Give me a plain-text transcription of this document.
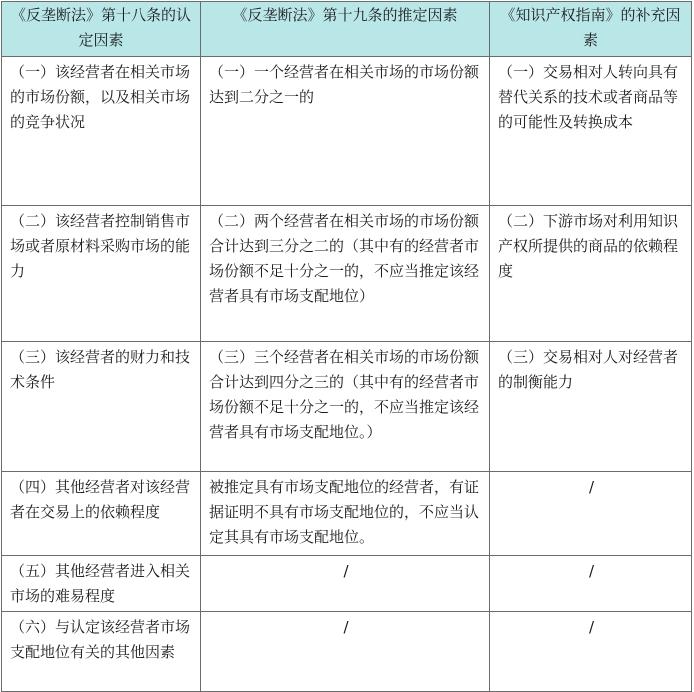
《反垄断法》第十八条的认定因素	《反垄断法》第十九条的推定因素	《知识产权指南》的补充因素
（一）该经营者在相关市场的市场份额，以及相关市场的竞争状况	（一）一个经营者在相关市场的市场份额达到二分之一的	（一）交易相对人转向具有替代关系的技术或者商品等的可能性及转换成本
（二）该经营者控制销售市场或者原材料采购市场的能力	（二）两个经营者在相关市场的市场份额合计达到三分之二的（其中有的经营者市场份额不足十分之一的，不应当推定该经营者具有市场支配地位）	（二）下游市场对利用知识产权所提供的商品的依赖程度
（三）该经营者的财力和技术条件	（三）三个经营者在相关市场的市场份额合计达到四分之三的（其中有的经营者市场份额不足十分之一的，不应当推定该经营者具有市场支配地位。）	（三）交易相对人对经营者的制衡能力
（四）其他经营者对该经营者在交易上的依赖程度	被推定具有市场支配地位的经营者，有证据证明不具有市场支配地位的，不应当认定其具有市场支配地位。	/
（五）其他经营者进入相关市场的难易程度	/	/
（六）与认定该经营者市场支配地位有关的其他因素	/	/
